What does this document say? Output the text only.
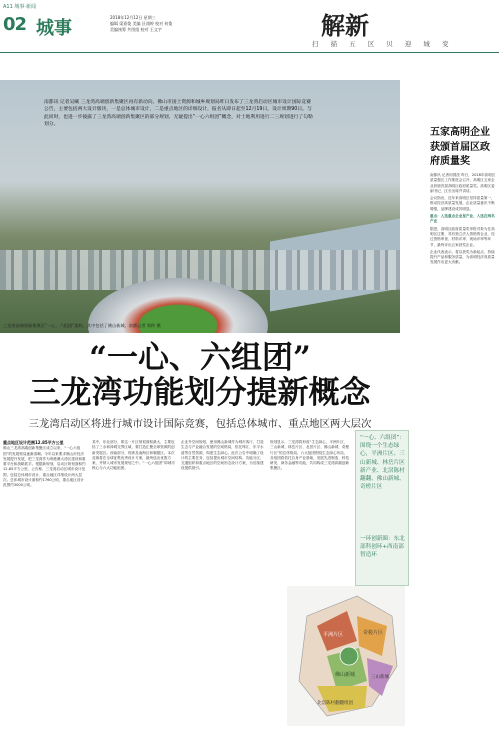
A11 城事·新闻
02 城事
2018年12月12日 星期三
编辑 梁嘉俊 美编 区翊婷 校对 何俊
美编统筹 共图组 校对 王文宇	解新
扫 描 五 区 贝 迎 城 变
南都讯 记者吴曦 三龙湾高端创新集聚区再有新动向。佛山市国土资源和城乡规划局昨日发布了三龙湾启动区城市设计国际竞赛公告，主要包括两大设计版块，一是总体城市设计，二是重点地区的详细设计，报名从即日起至12月19日，设计周期90日。与此同时，也进一步披露了三龙湾高端创新集聚区的部分规划，无疑提出“一心六组团”概念，对土地利用进行二三规划进行了勾勒划分。
三龙湾高端创新集聚区“一心、六组团”架构，其中包括了佛山新城。南都记者 郑仲 摄
“一心、六组团”
三龙湾功能划分提新概念
三龙湾启动区将进行城市设计国际竞赛，包括总体城市、重点地区两大层次
重点地区设计范围12.85平方公里
佛山三龙湾高端创新集聚区成立以来，“一心六组团”的发展格局逐渐清晰。今年以来要求佛山市经济发展提升发展，把三龙湾作为粤港澳大湾区建设和重要平台和战略抓手。根据新规划，启动区规划面积约12.85平方公里，公告称，三龙湾启动区城市设计范围，包括总体城市设计、重点地区详细设计两大层次。总体城市设计面积约1760公顷，重点地区设计范围约3000公顷。
其中，东北部分，即这一片区规划面积最大，主要包括了三水和禅城交界区域，要打造汇聚全球资源的创新发展区。西南部分，则涉及南海区和顺德区。本次竞赛将在全球征集优秀设计方案，最终选出优胜方案，并纳入城市发展规划之中。“一心六组团”即城市核心与六大功能组团。
企业外空间规划，使用佛山新城作为城市客厅，打造生态与产业融合发展的空间格局，依托珠江、东平水道等自然资源，构建生态绿心。此次公告中明确了设计的主要任务，包括提出城市空间结构、功能分区、交通组织和重点地区的空间形态设计方案，为后续建设提供指引。
规划显示，三龙湾将形成“生态绿心，平洲片区、三山新城、林岳片区、北滘片区、佛山新城、奇槎片区”的总体格局。六大组团围绕生态绿心布局，各组团将依托自身产业基础，发展先进制造、科技研发、商务金融等功能，共同构成三龙湾高端创新集聚区。
“一心、六组团”：围绕一个生态绿心，平洲片区、三山新城、林岳片区新产业、北滘陈村翻翻、佛山新城、奇槎片区
一环创新圈：东北部科创环+西南部智造环
平洲片区	奇槎片区
佛山新城	三山新城
北滘陈村翻翻组团
五家高明企业获颁首届区政府质量奖

南都讯 记者何国滢 昨日，2018年高明区质量强区工作推进会召开，高明区五家企业获颁首届高明区政府质量奖。高明区委副书记、区长出席并讲话。

会议指出，近年来高明区坚持质量第一，推动经济高质量发展，企业质量意识不断增强，品牌建设成效明显。

重点：入选重点企业星产业、人选在两名产业

据悉，高明区政府质量奖申报对象为在高明区注册、具有独立法人资格的企业，经过资格审查、材料评审、现场评审等环节，最终评出五家获奖企业。

企业代表表示，将以获奖为新起点，持续提升产品和服务质量，为高明经济高质量发展作出更大贡献。
